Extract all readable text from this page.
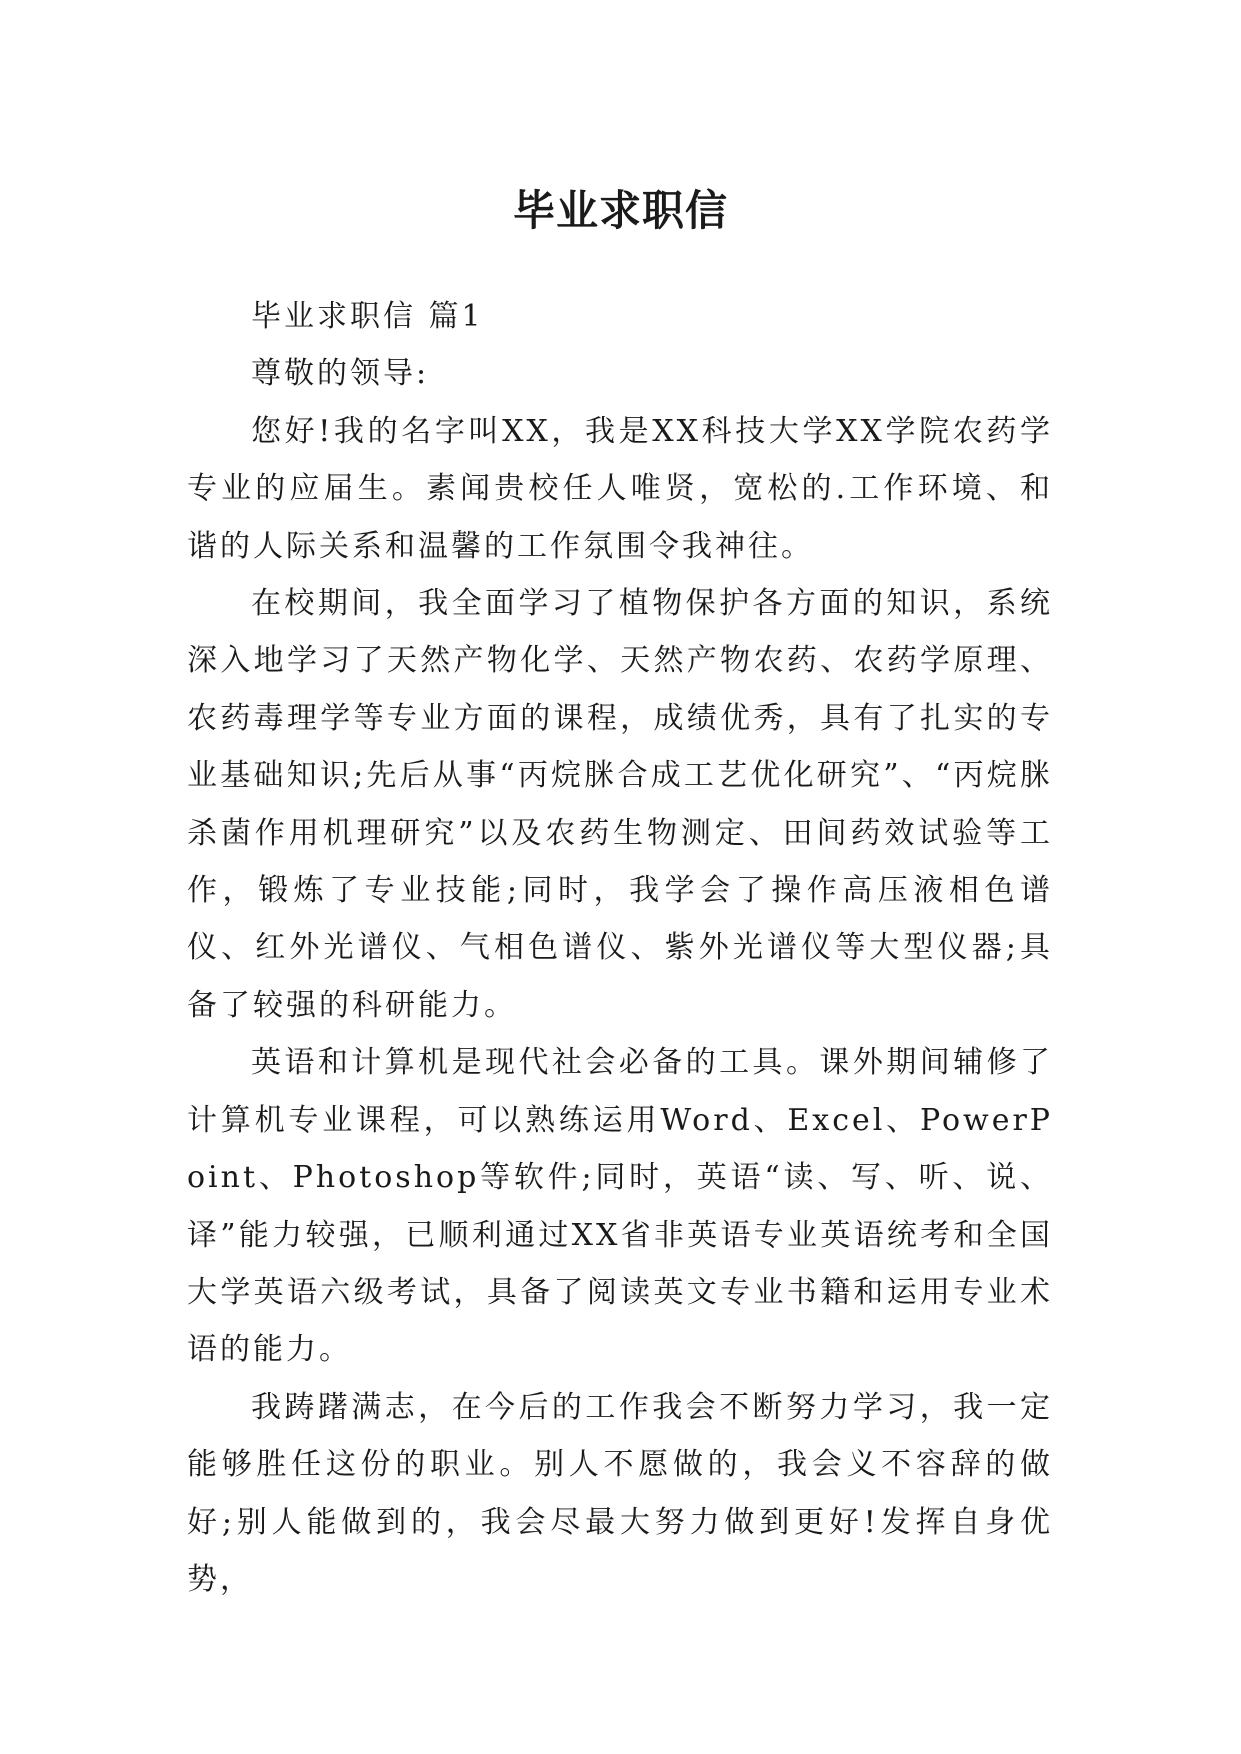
毕业求职信

毕业求职信 篇1

尊敬的领导:

您好!我的名字叫XX，我是XX科技大学XX学院农药学专业的应届生。素闻贵校任人唯贤，宽松的.工作环境、和谐的人际关系和温馨的工作氛围令我神往。

在校期间，我全面学习了植物保护各方面的知识，系统深入地学习了天然产物化学、天然产物农药、农药学原理、农药毒理学等专业方面的课程，成绩优秀，具有了扎实的专业基础知识;先后从事“丙烷脒合成工艺优化研究”、“丙烷脒杀菌作用机理研究”以及农药生物测定、田间药效试验等工作，锻炼了专业技能;同时，我学会了操作高压液相色谱仪、红外光谱仪、气相色谱仪、紫外光谱仪等大型仪器;具备了较强的科研能力。

英语和计算机是现代社会必备的工具。课外期间辅修了计算机专业课程，可以熟练运用Word、Excel、PowerPoint、Photoshop等软件;同时，英语“读、写、听、说、译”能力较强，已顺利通过XX省非英语专业英语统考和全国大学英语六级考试，具备了阅读英文专业书籍和运用专业术语的能力。

我踌躇满志，在今后的工作我会不断努力学习，我一定能够胜任这份的职业。别人不愿做的，我会义不容辞的做好;别人能做到的，我会尽最大努力做到更好!发挥自身优势，
